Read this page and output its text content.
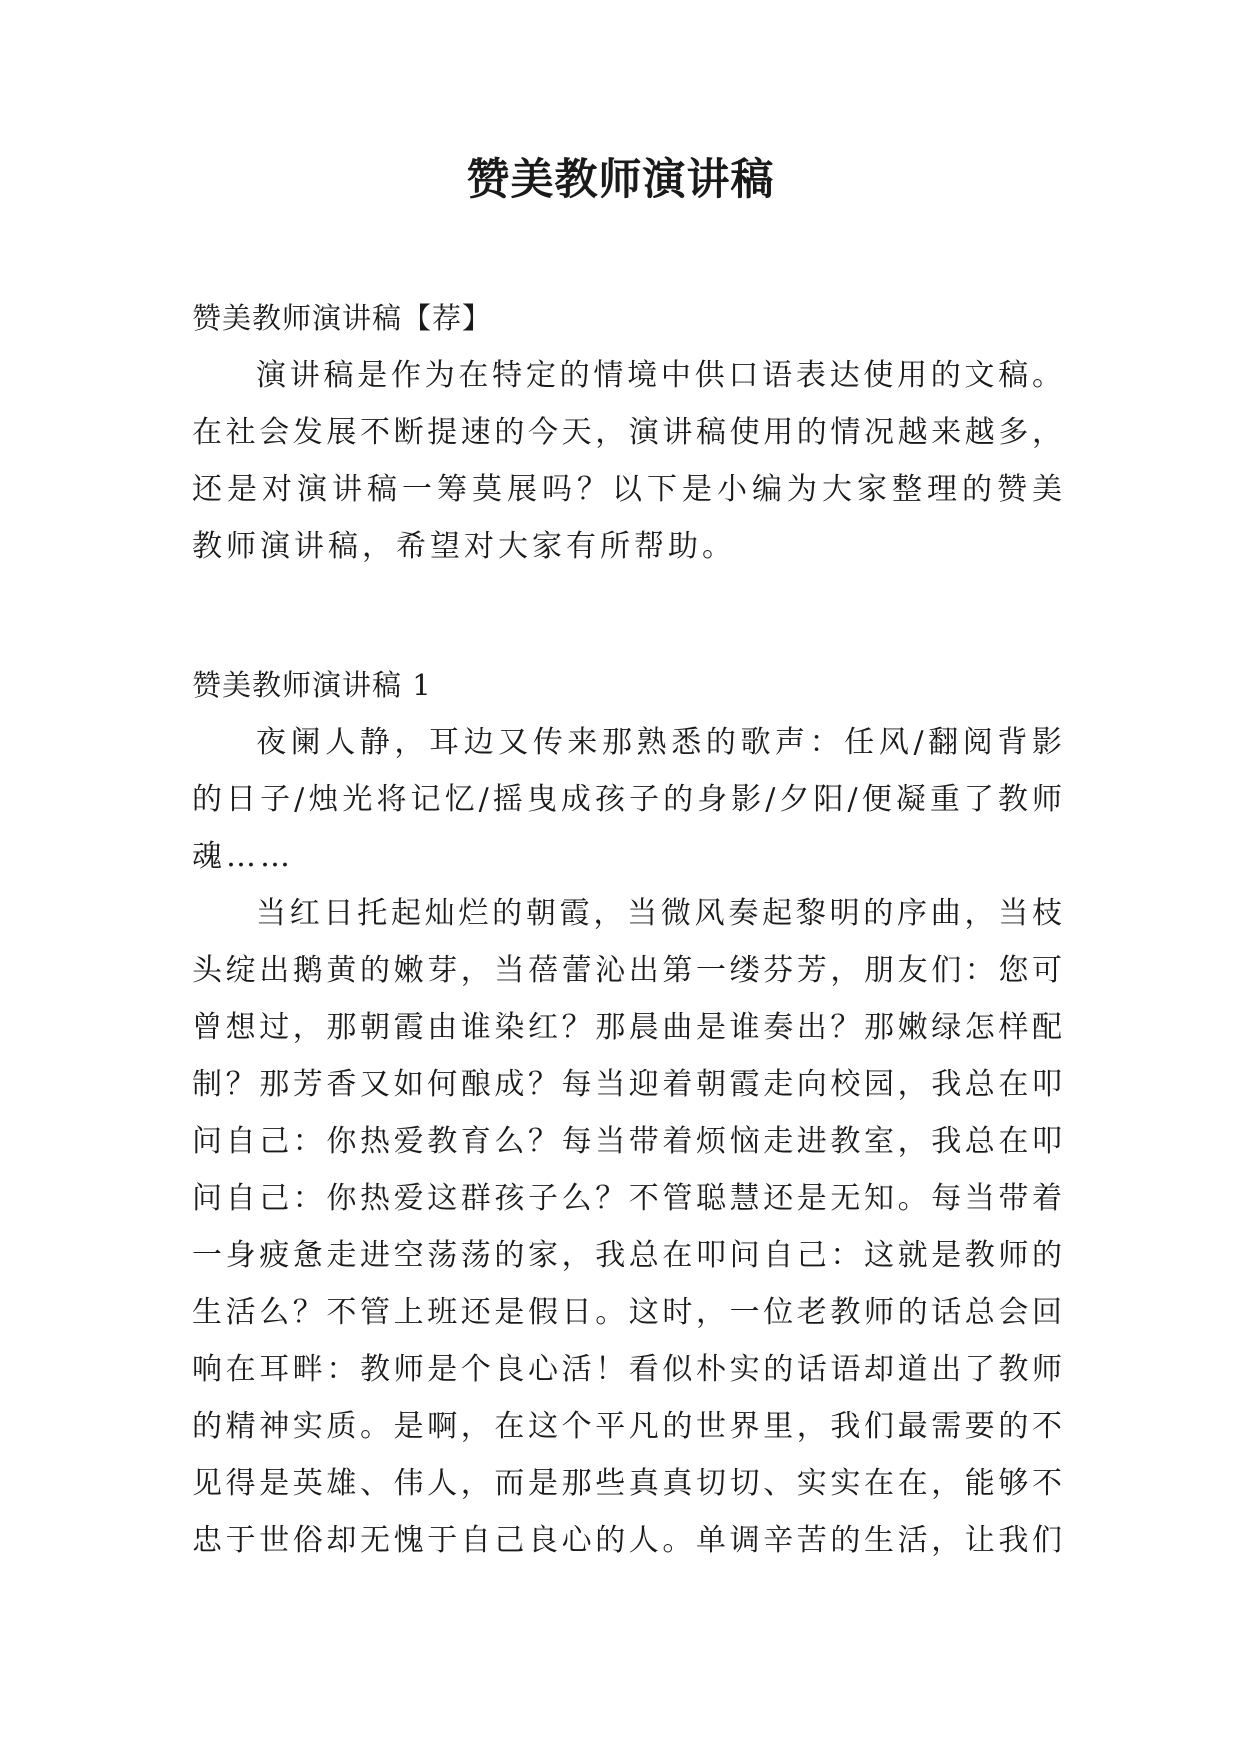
赞美教师演讲稿
赞美教师演讲稿【荐】
演讲稿是作为在特定的情境中供口语表达使用的文稿。
在社会发展不断提速的今天，演讲稿使用的情况越来越多，
还是对演讲稿一筹莫展吗？以下是小编为大家整理的赞美
教师演讲稿，希望对大家有所帮助。
赞美教师演讲稿 1
夜阑人静，耳边又传来那熟悉的歌声：任风/翻阅背影
的日子/烛光将记忆/摇曳成孩子的身影/夕阳/便凝重了教师
魂……
当红日托起灿烂的朝霞，当微风奏起黎明的序曲，当枝
头绽出鹅黄的嫩芽，当蓓蕾沁出第一缕芬芳，朋友们：您可
曾想过，那朝霞由谁染红？那晨曲是谁奏出？那嫩绿怎样配
制？那芳香又如何酿成？每当迎着朝霞走向校园，我总在叩
问自己：你热爱教育么？每当带着烦恼走进教室，我总在叩
问自己：你热爱这群孩子么？不管聪慧还是无知。每当带着
一身疲惫走进空荡荡的家，我总在叩问自己：这就是教师的
生活么？不管上班还是假日。这时，一位老教师的话总会回
响在耳畔：教师是个良心活！看似朴实的话语却道出了教师
的精神实质。是啊，在这个平凡的世界里，我们最需要的不
见得是英雄、伟人，而是那些真真切切、实实在在，能够不
忠于世俗却无愧于自己良心的人。单调辛苦的生活，让我们
